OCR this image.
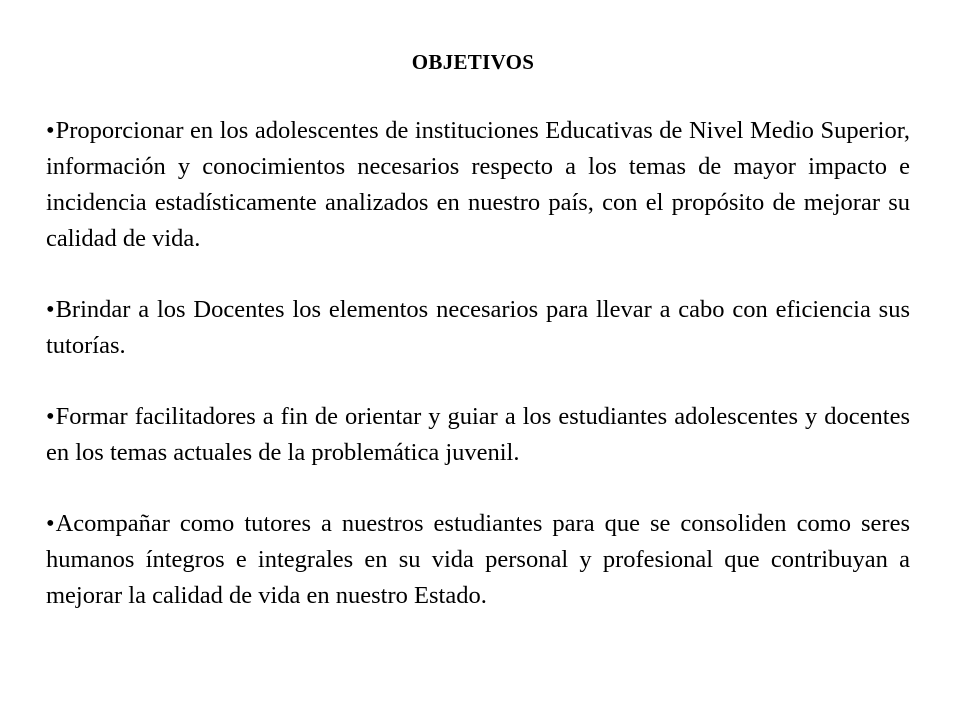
OBJETIVOS
•Proporcionar en los adolescentes de instituciones Educativas de Nivel Medio Superior, información y conocimientos necesarios respecto a los temas de mayor impacto e incidencia estadísticamente analizados en nuestro país, con el propósito de mejorar su calidad de vida.
•Brindar a los Docentes los elementos necesarios para llevar a cabo con eficiencia sus tutorías.
•Formar facilitadores a fin de orientar y guiar a los estudiantes adolescentes y docentes en los temas actuales de la problemática juvenil.
•Acompañar como tutores a nuestros estudiantes para que se consoliden como seres humanos íntegros e integrales en su vida personal y profesional que contribuyan a mejorar la calidad de vida en nuestro Estado.
